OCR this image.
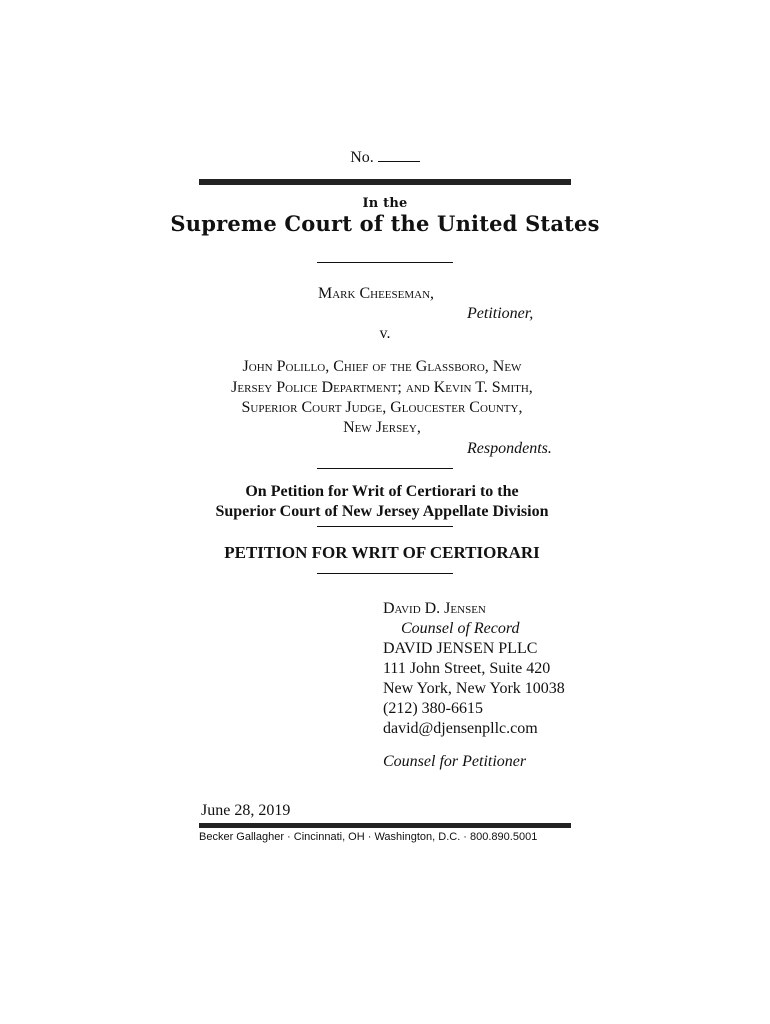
No.
In the
Supreme Court of the United States
Mark Cheeseman,
Petitioner,
v.
John Polillo, Chief of the Glassboro, New
Jersey Police Department; and Kevin T. Smith,
Superior Court Judge, Gloucester County,
New Jersey,
Respondents.
On Petition for Writ of Certiorari to the
Superior Court of New Jersey Appellate Division
PETITION FOR WRIT OF CERTIORARI
David D. Jensen
Counsel of Record
DAVID JENSEN PLLC
111 John Street, Suite 420
New York, New York 10038
(212) 380-6615
david@djensenpllc.com
Counsel for Petitioner
June 28, 2019
Becker Gallagher · Cincinnati, OH · Washington, D.C. · 800.890.5001
